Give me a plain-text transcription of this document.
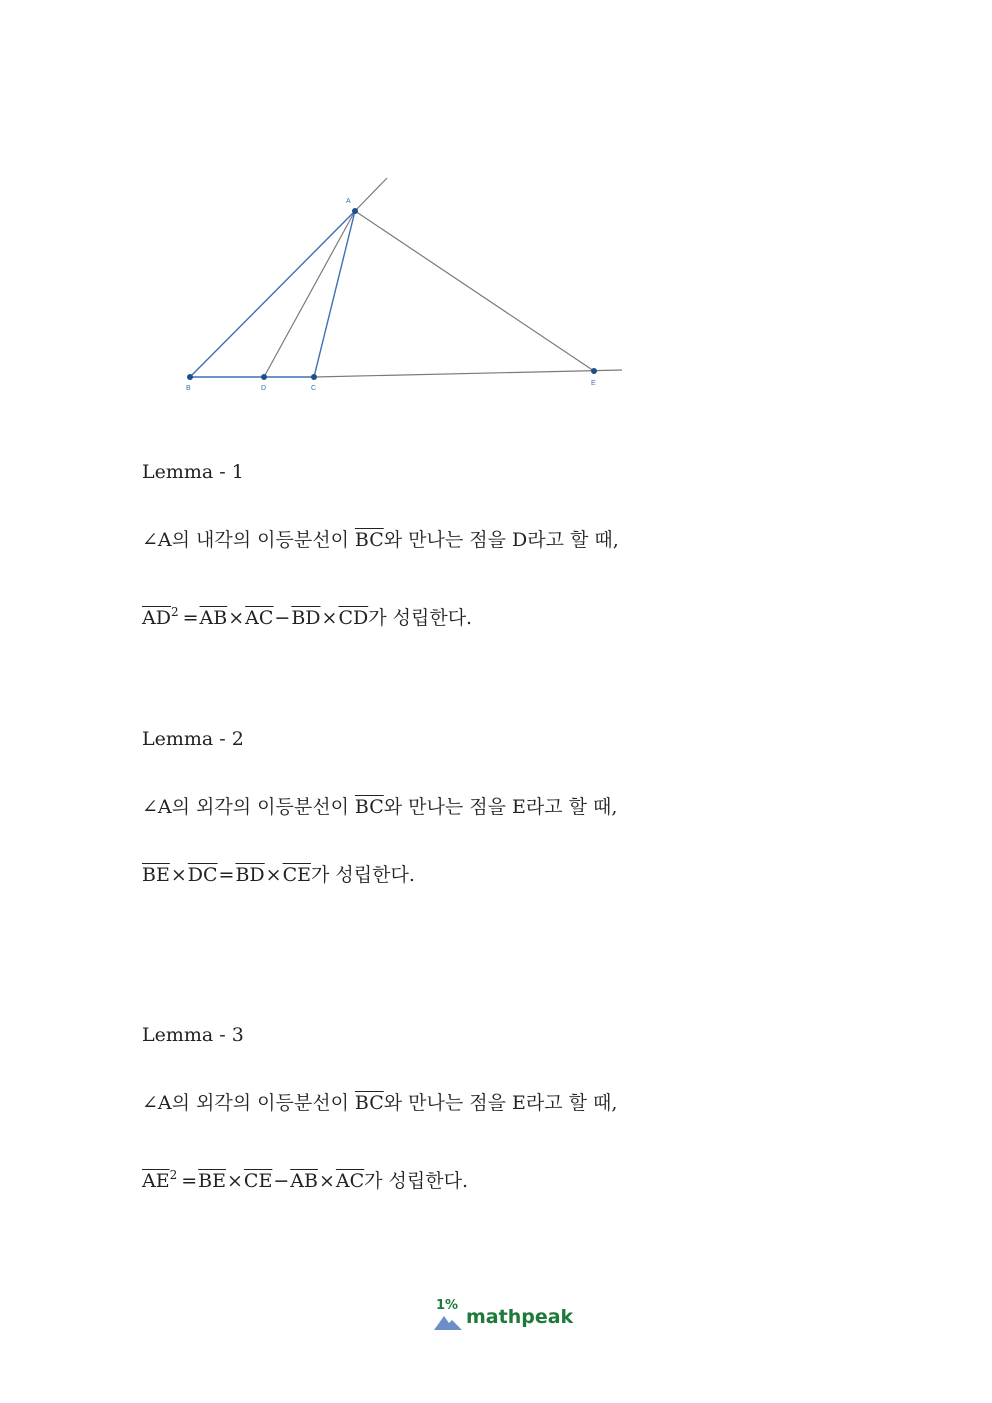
A
B	D	C
E
Lemma - 1
∠A의 내각의 이등분선이 $\overline{BC}$와 만나는 점을 D라고 할 때,
$\overline{AD}^2 =\overline{AB}\times\overline{AC}-\overline{BD}\times\overline{CD}$가 성립한다.
Lemma - 2
∠A의 외각의 이등분선이 $\overline{BC}$와 만나는 점을 E라고 할 때,
$\overline{BE}\times\overline{DC}=\overline{BD}\times\overline{CE}$가 성립한다.
Lemma - 3
∠A의 외각의 이등분선이 $\overline{BC}$와 만나는 점을 E라고 할 때,
$\overline{AE}^2 =\overline{BE}\times\overline{CE}-\overline{AB}\times\overline{AC}$가 성립한다.
1%
mathpeak
